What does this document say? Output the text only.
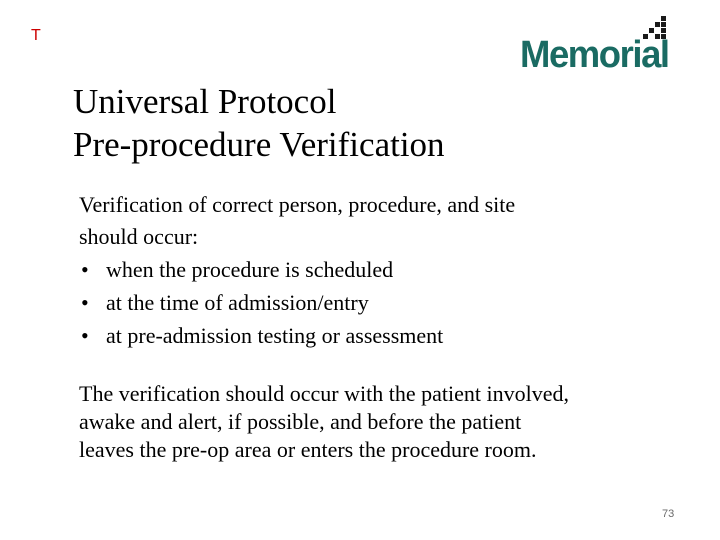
T	Memorial
Universal Protocol
Pre-procedure Verification

Verification of correct person, procedure, and site
should occur:

• when the procedure is scheduled
• at the time of admission/entry
• at pre-admission testing or assessment

The verification should occur with the patient involved,
awake and alert, if possible, and before the patient
leaves the pre-op area or enters the procedure room.

73
